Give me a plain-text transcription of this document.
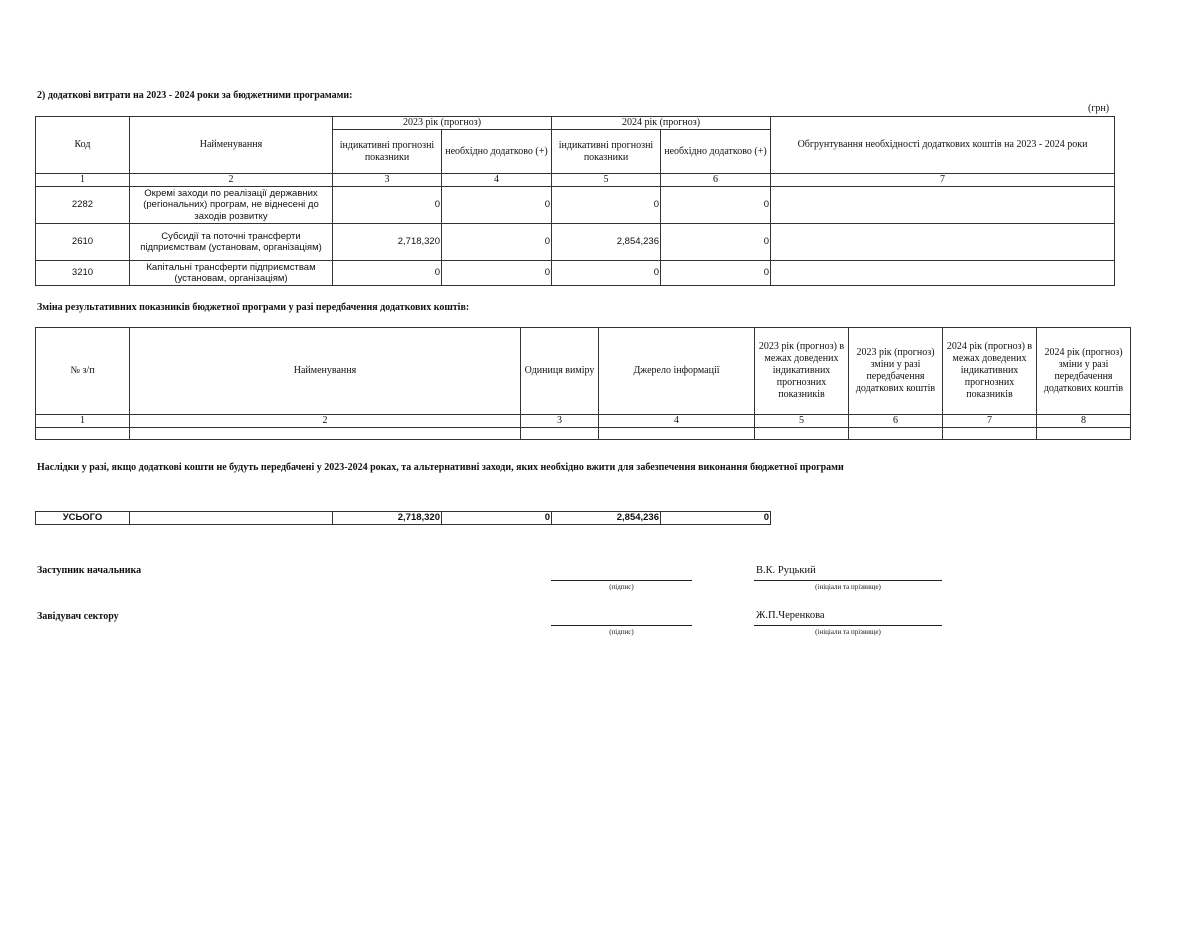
2) додаткові витрати на 2023 - 2024 роки за бюджетними програмами:
(грн)
Код	Найменування	2023 рік (прогноз)		2024 рік (прогноз)		Обгрунтування необхідності додаткових коштів на 2023 - 2024 роки
		індикативні прогнозні показники	необхідно додатково (+)	індикативні прогнозні показники	необхідно додатково (+)	
1	2	3	4	5	6	7
2282	Окремі заходи по реалізації державних (регіональних) програм, не віднесені до заходів розвитку	0	0	0	0	
2610	Субсидії та поточні трансферти підприємствам (установам, організаціям)	2,718,320	0	2,854,236	0	
3210	Капітальні трансферти підприємствам (установам, організаціям)	0	0	0	0	
Зміна результативних показників бюджетної програми у разі передбачення додаткових коштів:
№ з/п	Найменування	Одиниця виміру	Джерело інформації	2023 рік (прогноз) в межах доведених індикативних прогнозних показників	2023 рік (прогноз) зміни у разі передбачення додаткових коштів	2024 рік (прогноз) в межах доведених індикативних прогнозних показників	2024 рік (прогноз) зміни у разі передбачення додаткових коштів
1	2	3	4	5	6	7	8

Наслідки у разі, якщо додаткові кошти не будуть передбачені у 2023-2024 роках, та альтернативні заходи, яких необхідно вжити для забезпечення виконання бюджетної програми
УСЬОГО		2,718,320	0	2,854,236	0
Заступник начальника
(підпис)
В.К. Руцький
(ініціали та прізвище)
Завідувач сектору
(підпис)
Ж.П.Черенкова
(ініціали та прізвище)
